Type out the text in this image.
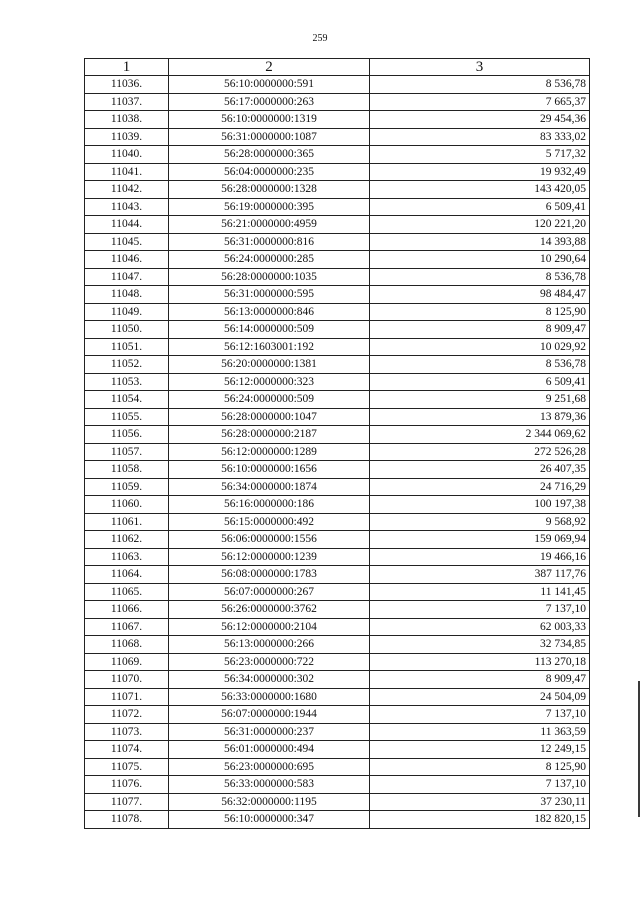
259
1	2	3
11036.	56:10:0000000:591	8 536,78
11037.	56:17:0000000:263	7 665,37
11038.	56:10:0000000:1319	29 454,36
11039.	56:31:0000000:1087	83 333,02
11040.	56:28:0000000:365	5 717,32
11041.	56:04:0000000:235	19 932,49
11042.	56:28:0000000:1328	143 420,05
11043.	56:19:0000000:395	6 509,41
11044.	56:21:0000000:4959	120 221,20
11045.	56:31:0000000:816	14 393,88
11046.	56:24:0000000:285	10 290,64
11047.	56:28:0000000:1035	8 536,78
11048.	56:31:0000000:595	98 484,47
11049.	56:13:0000000:846	8 125,90
11050.	56:14:0000000:509	8 909,47
11051.	56:12:1603001:192	10 029,92
11052.	56:20:0000000:1381	8 536,78
11053.	56:12:0000000:323	6 509,41
11054.	56:24:0000000:509	9 251,68
11055.	56:28:0000000:1047	13 879,36
11056.	56:28:0000000:2187	2 344 069,62
11057.	56:12:0000000:1289	272 526,28
11058.	56:10:0000000:1656	26 407,35
11059.	56:34:0000000:1874	24 716,29
11060.	56:16:0000000:186	100 197,38
11061.	56:15:0000000:492	9 568,92
11062.	56:06:0000000:1556	159 069,94
11063.	56:12:0000000:1239	19 466,16
11064.	56:08:0000000:1783	387 117,76
11065.	56:07:0000000:267	11 141,45
11066.	56:26:0000000:3762	7 137,10
11067.	56:12:0000000:2104	62 003,33
11068.	56:13:0000000:266	32 734,85
11069.	56:23:0000000:722	113 270,18
11070.	56:34:0000000:302	8 909,47
11071.	56:33:0000000:1680	24 504,09
11072.	56:07:0000000:1944	7 137,10
11073.	56:31:0000000:237	11 363,59
11074.	56:01:0000000:494	12 249,15
11075.	56:23:0000000:695	8 125,90
11076.	56:33:0000000:583	7 137,10
11077.	56:32:0000000:1195	37 230,11
11078.	56:10:0000000:347	182 820,15
